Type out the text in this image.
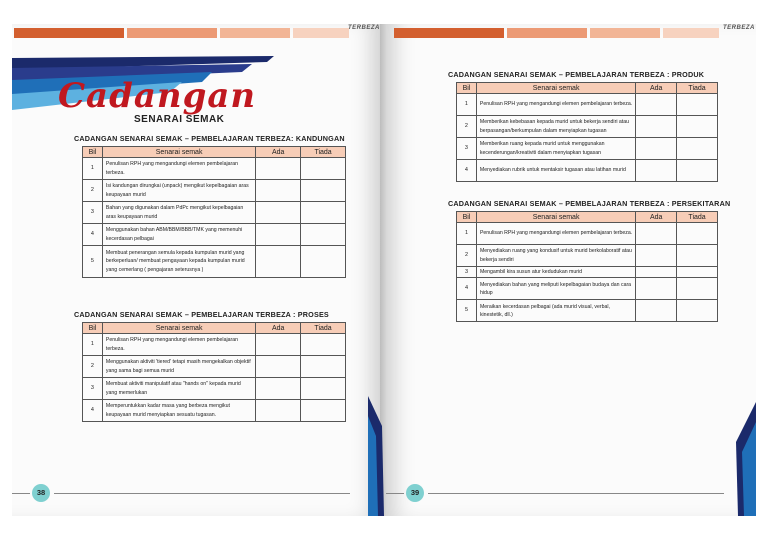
TERBEZA
Cadangan
SENARAI SEMAK
CADANGAN SENARAI SEMAK – PEMBELAJARAN TERBEZA: KANDUNGAN
Bil	Senarai semak	Ada	Tiada
1	Penulisan RPH yang mengandungi elemen pembelajaran terbeza.		
2	Isi kandungan dirungkai (unpack) mengikut kepelbagaian aras keupayaan murid		
3	Bahan yang digunakan dalam PdPc mengikut kepelbagaian aras keupayaan murid		
4	Menggunakan bahan ABM/BBM/BBB/TMK yang memenuhi kecerdasan pelbagai		
5	Membuat penerangan semula kepada kumpulan murid yang berkeperluan/ membuat pengayaan kepada kumpulan murid yang cemerlang ( pengajaran seterusnya )		
CADANGAN SENARAI SEMAK – PEMBELAJARAN TERBEZA : PROSES
Bil	Senarai semak	Ada	Tiada
1	Penulisan RPH yang mengandungi elemen pembelajaran terbeza.		
2	Menggunakan aktiviti 'tiered' tetapi masih mengekalkan objektif yang sama bagi semua murid		
3	Membuat aktiviti manipulatif atau "hands on" kepada murid yang memerlukan		
4	Memperuntukkan kadar masa yang berbeza mengikut keupayaan murid menyiapkan sesuatu tugasan.		
38
TERBEZA
CADANGAN SENARAI SEMAK – PEMBELAJARAN TERBEZA : PRODUK
Bil	Senarai semak	Ada	Tiada
1	Penulisan RPH yang mengandungi elemen pembelajaran terbeza.		
2	Memberikan kebebasan kepada murid untuk bekerja sendiri atau berpasangan/berkumpulan dalam menyiapkan tugasan		
3	Memberikan ruang kepada murid untuk menggunakan kecenderungan/kreativiti dalam menyiapkan tugasan		
4	Menyediakan rubrik untuk mentaksir tugasan atau latihan murid		
CADANGAN SENARAI SEMAK – PEMBELAJARAN TERBEZA : PERSEKITARAN
Bil	Senarai semak	Ada	Tiada
1	Penulisan RPH yang mengandungi elemen pembelajaran terbeza.		
2	Menyediakan ruang yang kondusif untuk murid berkolaboratif atau bekerja sendiri		
3	Mengambil kira susun atur kedudukan murid		
4	Menyediakan bahan yang meliputi kepelbagaian budaya dan cara hidup		
5	Meraikan kecerdasan pelbagai (ada murid visual, verbal, kinestetik, dll.)		
39
